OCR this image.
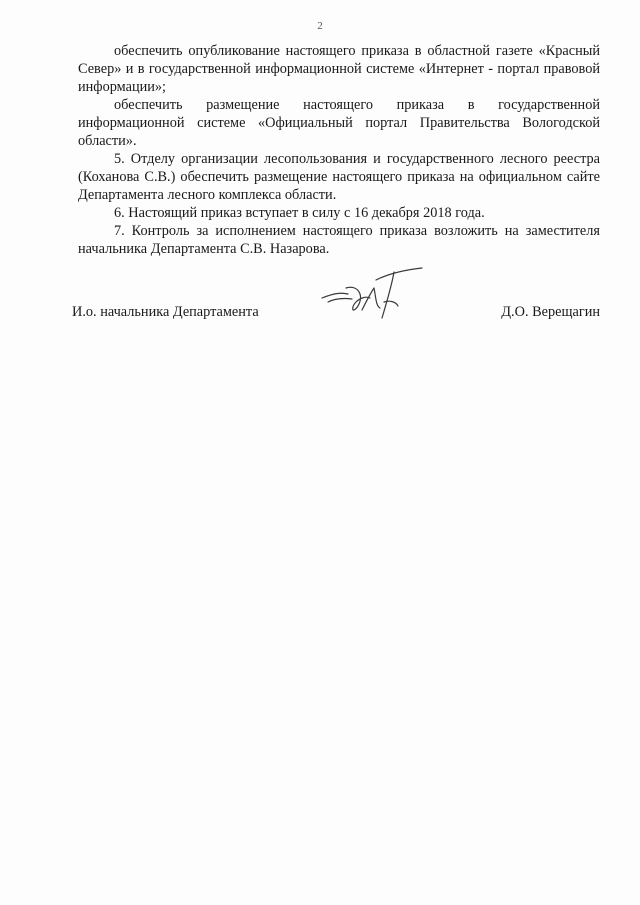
2

обеспечить опубликование настоящего приказа в областной газете «Красный Север» и в государственной информационной системе «Интернет - портал правовой информации»;

обеспечить размещение настоящего приказа в государственной информационной системе «Официальный портал Правительства Вологодской области».

5. Отделу организации лесопользования и государственного лесного реестра (Коханова С.В.) обеспечить размещение настоящего приказа на официальном сайте Департамента лесного комплекса области.

6. Настоящий приказ вступает в силу с 16 декабря 2018 года.

7. Контроль за исполнением настоящего приказа возложить на заместителя начальника Департамента С.В. Назарова.

И.о. начальника Департамента	Д.О. Верещагин
